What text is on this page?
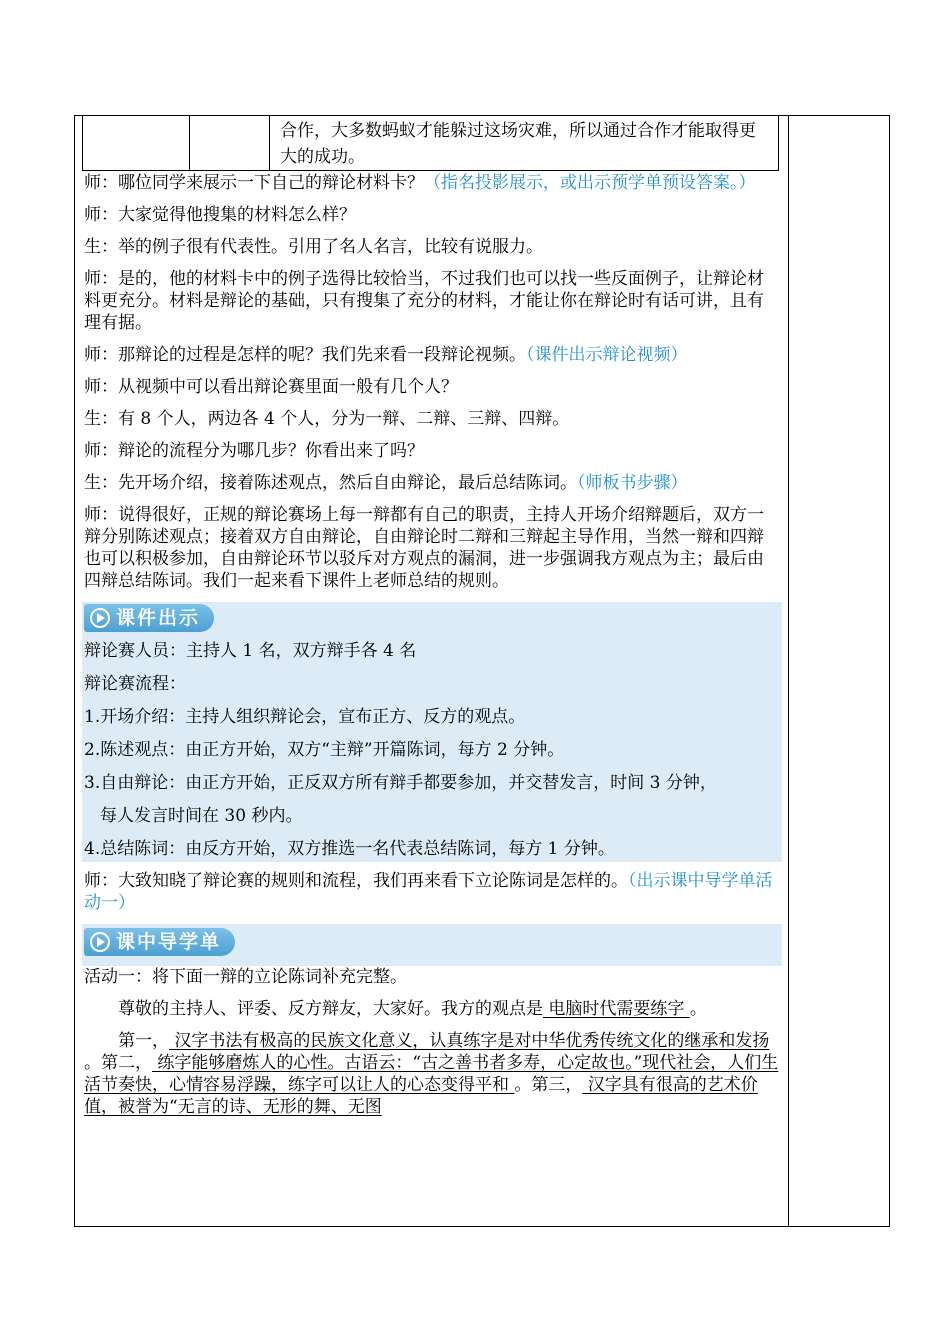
		合作，大多数蚂蚁才能躲过这场灾难，所以通过合作才能取得更大的成功。

师：哪位同学来展示一下自己的辩论材料卡？（指名投影展示，或出示预学单预设答案。）

师：大家觉得他搜集的材料怎么样？

生：举的例子很有代表性。引用了名人名言，比较有说服力。

师：是的，他的材料卡中的例子选得比较恰当，不过我们也可以找一些反面例子，让辩论材料更充分。材料是辩论的基础，只有搜集了充分的材料，才能让你在辩论时有话可讲，且有理有据。

师：那辩论的过程是怎样的呢？我们先来看一段辩论视频。（课件出示辩论视频）

师：从视频中可以看出辩论赛里面一般有几个人？

生：有 8 个人，两边各 4 个人，分为一辩、二辩、三辩、四辩。

师：辩论的流程分为哪几步？你看出来了吗？

生：先开场介绍，接着陈述观点，然后自由辩论，最后总结陈词。（师板书步骤）

师：说得很好，正规的辩论赛场上每一辩都有自己的职责，主持人开场介绍辩题后，双方一辩分别陈述观点；接着双方自由辩论，自由辩论时二辩和三辩起主导作用，当然一辩和四辩也可以积极参加，自由辩论环节以驳斥对方观点的漏洞，进一步强调我方观点为主；最后由四辩总结陈词。我们一起来看下课件上老师总结的规则。

课件出示

辩论赛人员：主持人 1 名，双方辩手各 4 名

辩论赛流程：

1.开场介绍：主持人组织辩论会，宣布正方、反方的观点。

2.陈述观点：由正方开始，双方“主辩”开篇陈词，每方 2 分钟。

3.自由辩论：由正方开始，正反双方所有辩手都要参加，并交替发言，时间 3 分钟，

每人发言时间在 30 秒内。

4.总结陈词：由反方开始，双方推选一名代表总结陈词，每方 1 分钟。

师：大致知晓了辩论赛的规则和流程，我们再来看下立论陈词是怎样的。（出示课中导学单活动一）

课中导学单

活动一：将下面一辩的立论陈词补充完整。

尊敬的主持人、评委、反方辩友，大家好。我方的观点是 电脑时代需要练字 。

第一， 汉字书法有极高的民族文化意义，认真练字是对中华优秀传统文化的继承和发扬 。第二， 练字能够磨炼人的心性。古语云：“古之善书者多寿，心定故也。”现代社会，人们生活节奏快，心情容易浮躁，练字可以让人的心态变得平和 。第三， 汉字具有很高的艺术价值，被誉为“无言的诗、无形的舞、无图
